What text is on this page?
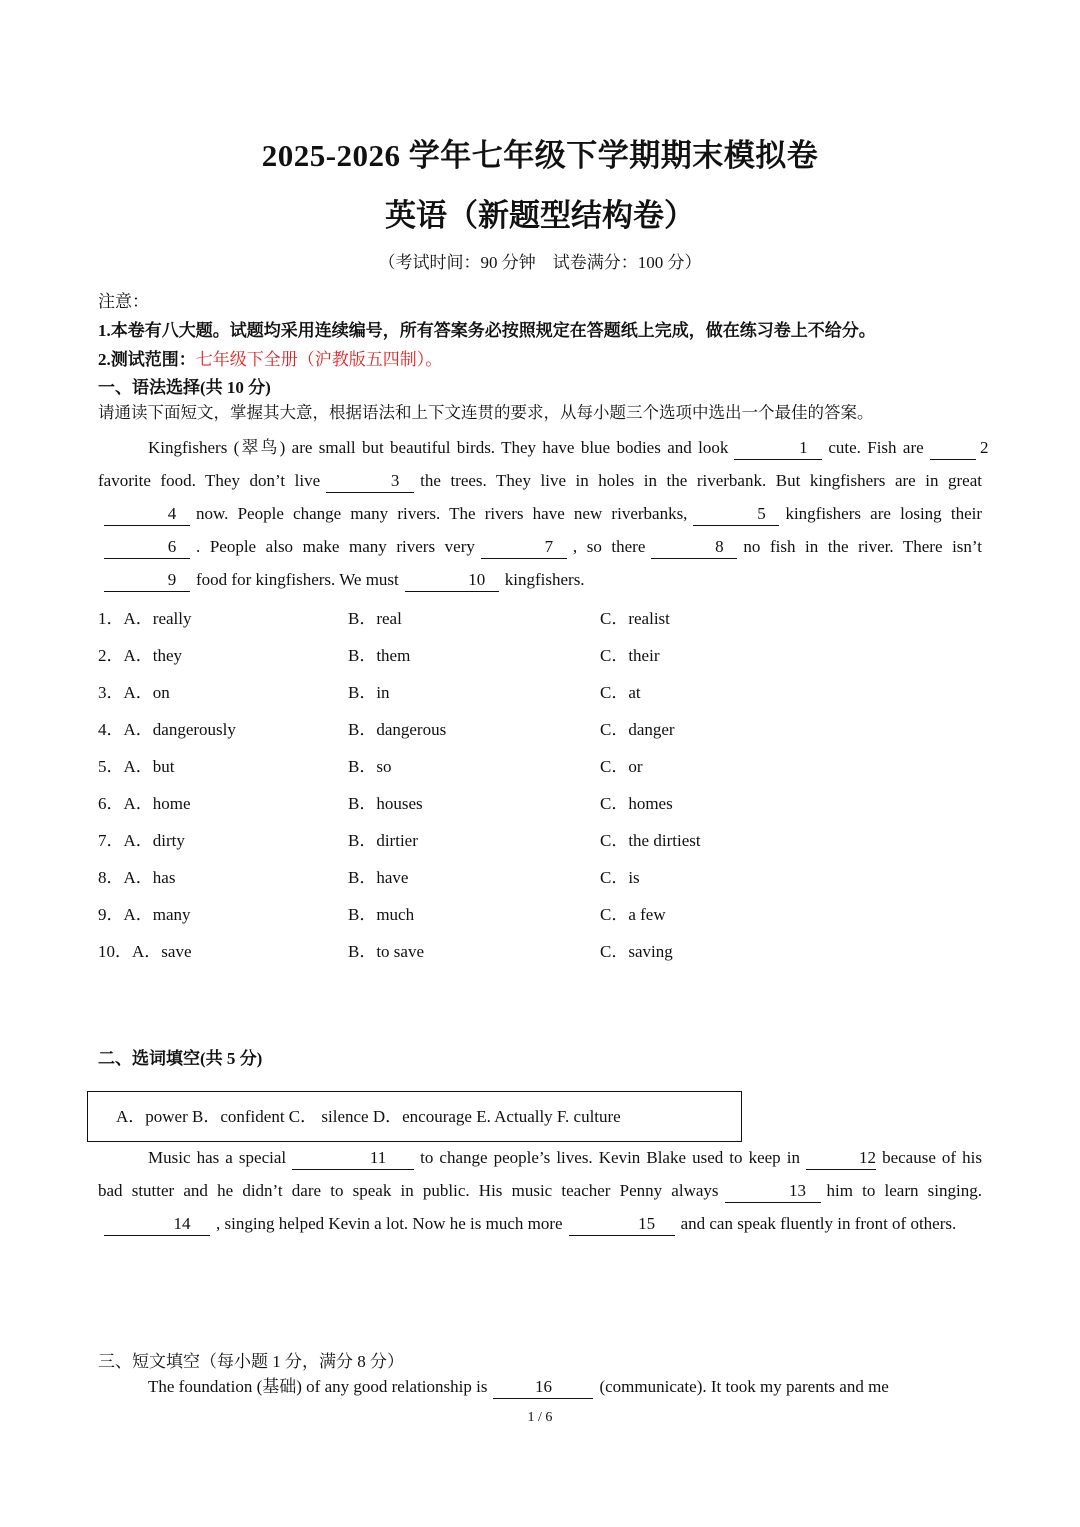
2025-2026 学年七年级下学期期末模拟卷
英语（新题型结构卷）
（考试时间：90 分钟　试卷满分：100 分）
注意：
1.本卷有八大题。试题均采用连续编号，所有答案务必按照规定在答题纸上完成，做在练习卷上不给分。
2.测试范围：七年级下全册（沪教版五四制）。
一、语法选择(共 10 分)
请通读下面短文，掌握其大意，根据语法和上下文连贯的要求，从每小题三个选项中选出一个最佳的答案。
Kingfishers (翠鸟) are small but beautiful birds. They have blue bodies and look	1 cute. Fish are	2favorite food. They don’t live	3 the trees. They live in holes in the riverbank. But kingfishers are in great4 now. People change many rivers. The rivers have new riverbanks,	5 kingfishers are losing their6 . People also make many rivers very	7 , so there	8 no fish in the river. There isn’t9 food for kingfishers. We must	10 kingfishers.
1．A．really	B．real	C．realist
2．A．they	B．them	C．their
3．A．on	B．in	C．at
4．A．dangerously	B．dangerous	C．danger
5．A．but	B．so	C．or
6．A．home	B．houses	C．homes
7．A．dirty	B．dirtier	C．the dirtiest
8．A．has	B．have	C．is
9．A．many	B．much	C．a few
10．A．save	B．to save	C．saving
二、选词填空(共 5 分)
A．power B．confident C． silence D．encourage E. Actually F. culture
Music has a special	11 to change people’s lives. Kevin Blake used to keep in	12 because of his bad stutter and he didn’t dare to speak in public. His music teacher Penny always	13 him to learn singing.14 , singing helped Kevin a lot. Now he is much more	15 and can speak fluently in front of others.
三、短文填空（每小题 1 分，满分 8 分）
The foundation (基础) of any good relationship is	16	(communicate). It took my parents and me
1 / 6
